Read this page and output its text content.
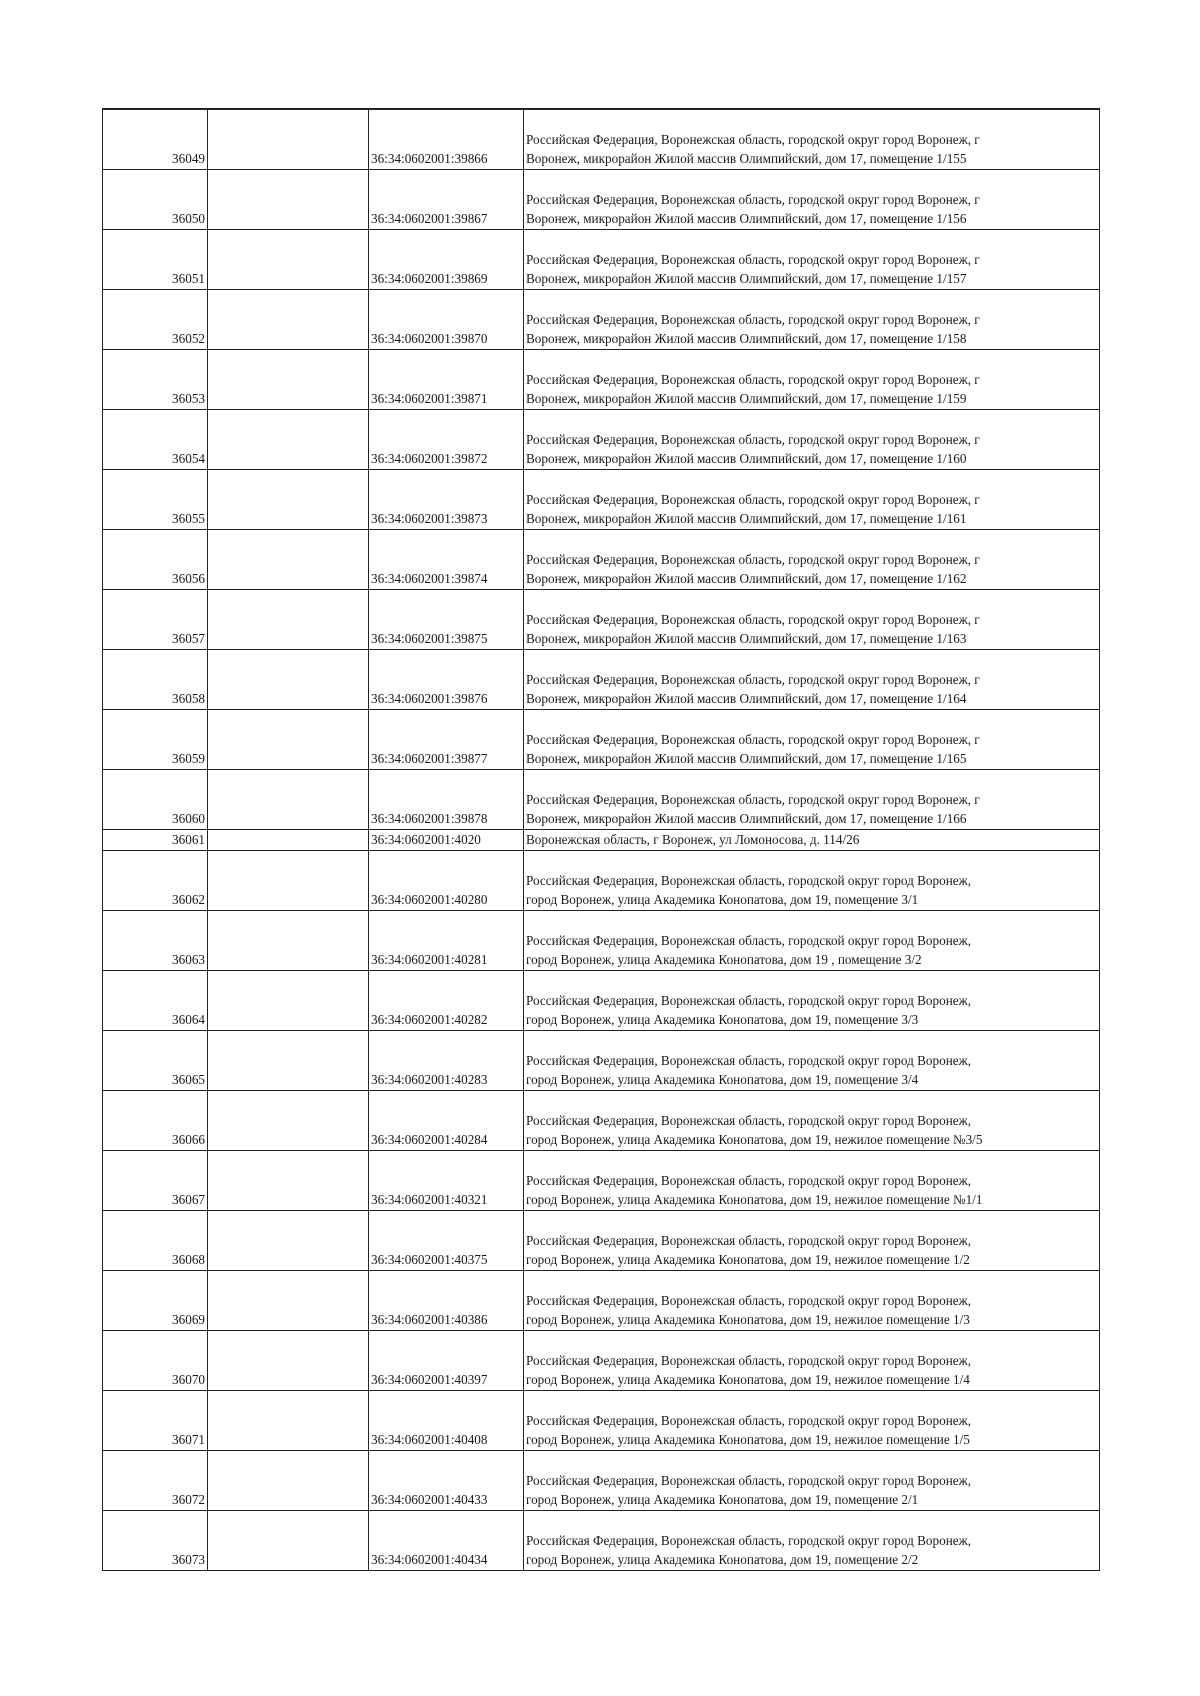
36049		36:34:0602001:39866	Российская Федерация, Воронежская область, городской округ город Воронеж, г
Воронеж, микрорайон Жилой массив Олимпийский, дом 17, помещение 1/155

36050		36:34:0602001:39867	Российская Федерация, Воронежская область, городской округ город Воронеж, г
Воронеж, микрорайон Жилой массив Олимпийский, дом 17, помещение 1/156

36051		36:34:0602001:39869	Российская Федерация, Воронежская область, городской округ город Воронеж, г
Воронеж, микрорайон Жилой массив Олимпийский, дом 17, помещение 1/157

36052		36:34:0602001:39870	Российская Федерация, Воронежская область, городской округ город Воронеж, г
Воронеж, микрорайон Жилой массив Олимпийский, дом 17, помещение 1/158

36053		36:34:0602001:39871	Российская Федерация, Воронежская область, городской округ город Воронеж, г
Воронеж, микрорайон Жилой массив Олимпийский, дом 17, помещение 1/159

36054		36:34:0602001:39872	Российская Федерация, Воронежская область, городской округ город Воронеж, г
Воронеж, микрорайон Жилой массив Олимпийский, дом 17, помещение 1/160

36055		36:34:0602001:39873	Российская Федерация, Воронежская область, городской округ город Воронеж, г
Воронеж, микрорайон Жилой массив Олимпийский, дом 17, помещение 1/161

36056		36:34:0602001:39874	Российская Федерация, Воронежская область, городской округ город Воронеж, г
Воронеж, микрорайон Жилой массив Олимпийский, дом 17, помещение 1/162

36057		36:34:0602001:39875	Российская Федерация, Воронежская область, городской округ город Воронеж, г
Воронеж, микрорайон Жилой массив Олимпийский, дом 17, помещение 1/163

36058		36:34:0602001:39876	Российская Федерация, Воронежская область, городской округ город Воронеж, г
Воронеж, микрорайон Жилой массив Олимпийский, дом 17, помещение 1/164

36059		36:34:0602001:39877	Российская Федерация, Воронежская область, городской округ город Воронеж, г
Воронеж, микрорайон Жилой массив Олимпийский, дом 17, помещение 1/165

36060		36:34:0602001:39878	Российская Федерация, Воронежская область, городской округ город Воронеж, г
Воронеж, микрорайон Жилой массив Олимпийский, дом 17, помещение 1/166

36061		36:34:0602001:4020	Воронежская область, г Воронеж, ул Ломоносова, д. 114/26

36062		36:34:0602001:40280	Российская Федерация, Воронежская область, городской округ город Воронеж,
город Воронеж, улица Академика Конопатова, дом 19, помещение 3/1

36063		36:34:0602001:40281	Российская Федерация, Воронежская область, городской округ город Воронеж,
город Воронеж, улица Академика Конопатова, дом 19 , помещение 3/2

36064		36:34:0602001:40282	Российская Федерация, Воронежская область, городской округ город Воронеж,
город Воронеж, улица Академика Конопатова, дом 19, помещение 3/3

36065		36:34:0602001:40283	Российская Федерация, Воронежская область, городской округ город Воронеж,
город Воронеж, улица Академика Конопатова, дом 19, помещение 3/4

36066		36:34:0602001:40284	Российская Федерация, Воронежская область, городской округ город Воронеж,
город Воронеж, улица Академика Конопатова, дом 19, нежилое помещение №3/5

36067		36:34:0602001:40321	Российская Федерация, Воронежская область, городской округ город Воронеж,
город Воронеж, улица Академика Конопатова, дом 19, нежилое помещение №1/1

36068		36:34:0602001:40375	Российская Федерация, Воронежская область, городской округ город Воронеж,
город Воронеж, улица Академика Конопатова, дом 19, нежилое помещение 1/2

36069		36:34:0602001:40386	Российская Федерация, Воронежская область, городской округ город Воронеж,
город Воронеж, улица Академика Конопатова, дом 19, нежилое помещение 1/3

36070		36:34:0602001:40397	Российская Федерация, Воронежская область, городской округ город Воронеж,
город Воронеж, улица Академика Конопатова, дом 19, нежилое помещение 1/4

36071		36:34:0602001:40408	Российская Федерация, Воронежская область, городской округ город Воронеж,
город Воронеж, улица Академика Конопатова, дом 19, нежилое помещение 1/5

36072		36:34:0602001:40433	Российская Федерация, Воронежская область, городской округ город Воронеж,
город Воронеж, улица Академика Конопатова, дом 19, помещение 2/1

36073		36:34:0602001:40434	Российская Федерация, Воронежская область, городской округ город Воронеж,
город Воронеж, улица Академика Конопатова, дом 19, помещение 2/2
